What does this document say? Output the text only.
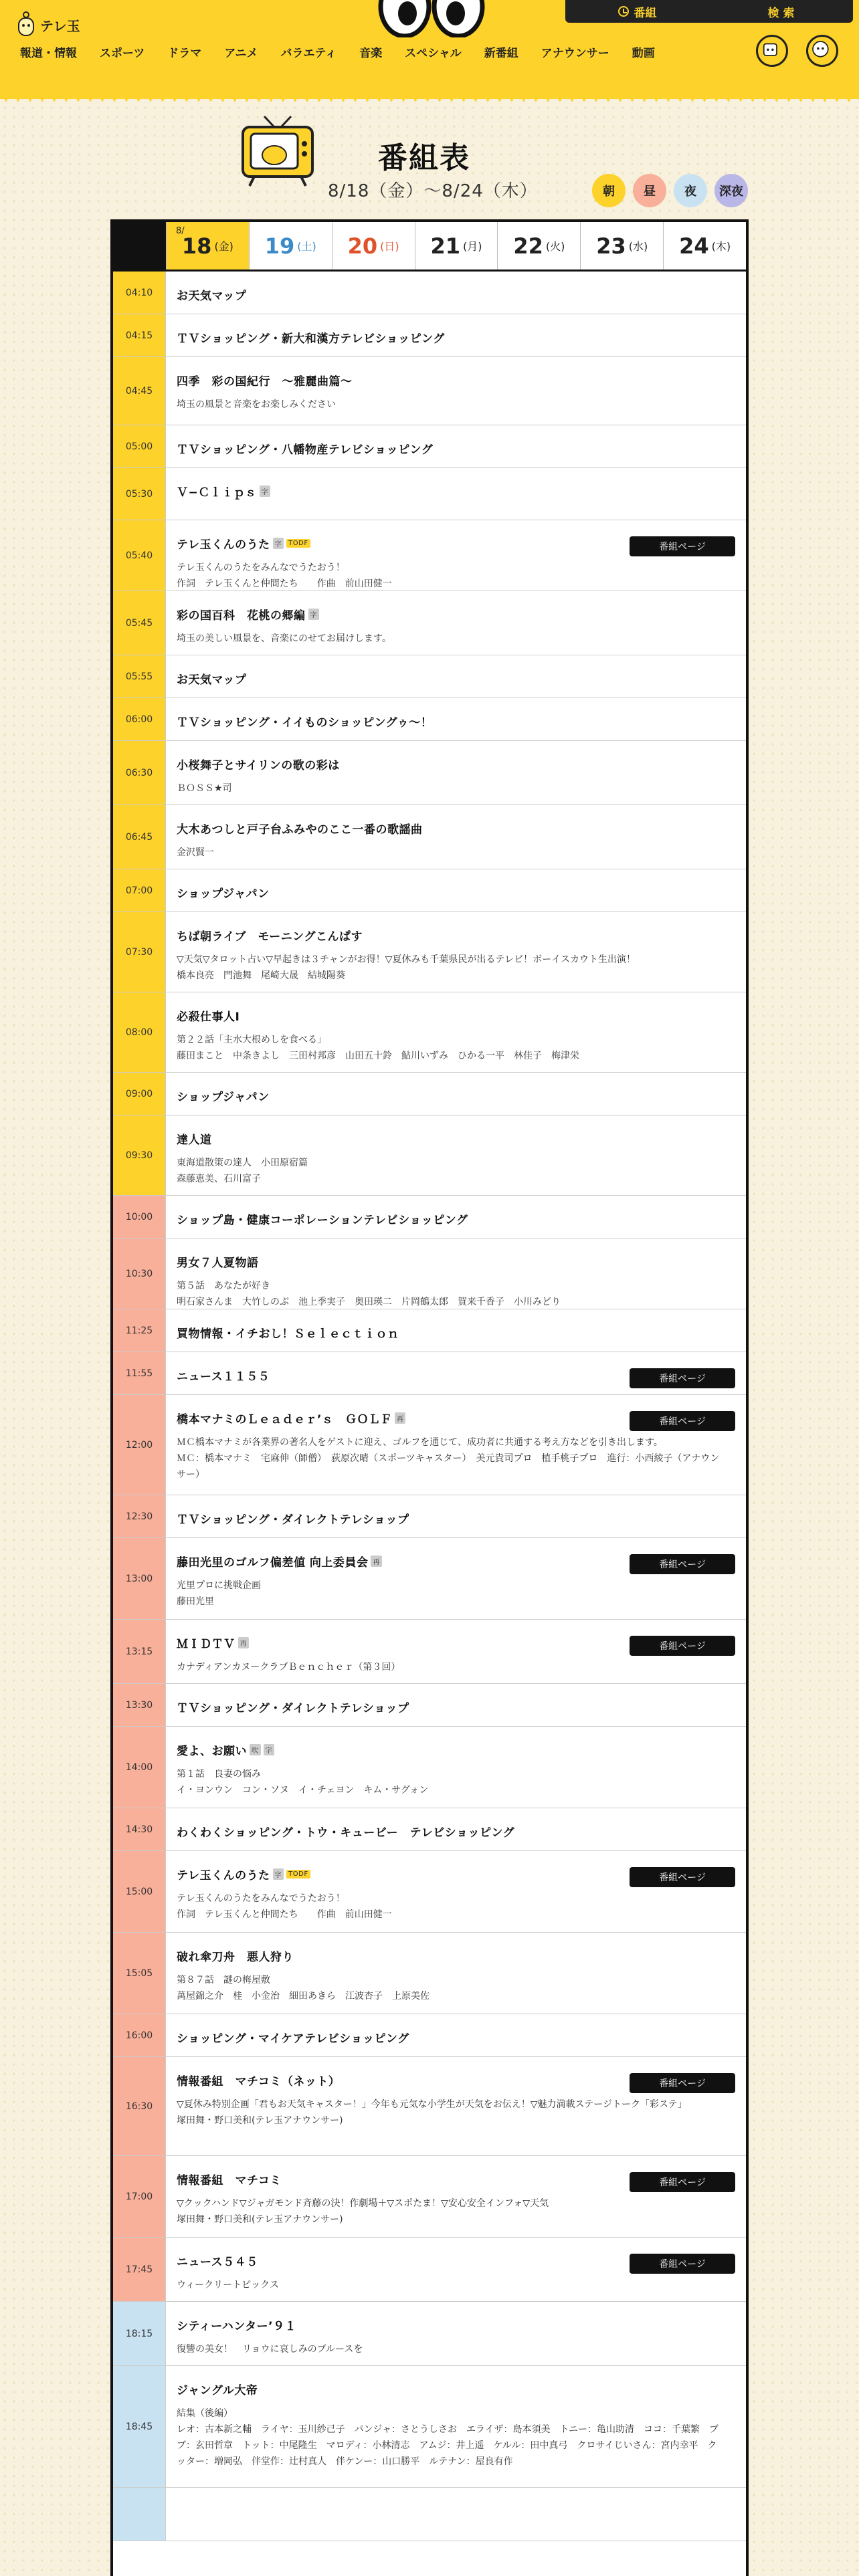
テレ玉
番組	検 索
報道・情報	スポーツ	ドラマ	アニメ	バラエティ	音楽	スペシャル	新番組	アナウンサー	動画
番組表
8/18（金）〜8/24（木）	朝	昼	夜	深夜
8/
18 (金) 19 (土) 20 (日) 21 (月) 22 (火) 23 (水) 24 (木)
04:10	お天気マップ
04:15	ＴＶショッピング・新大和漢方テレビショッピング
04:45
四季　彩の国紀行　〜雅麗曲篇〜
埼玉の風景と音楽をお楽しみください
05:00	ＴＶショッピング・八幡物産テレビショッピング
05:30	Ｖ−Ｃｌｉｐｓ 字
05:40
テレ玉くんのうた 字	TODF
テレ玉くんのうたをみんなでうたおう！
作詞　テレ玉くんと仲間たち　　作曲　前山田健一
番組ページ
05:45
彩の国百科　花桃の郷編 字
埼玉の美しい風景を、音楽にのせてお届けします。
05:55	お天気マップ
06:00	ＴＶショッピング・イイものショッピングゥ〜！
06:30
小桜舞子とサイリンの歌の彩は
ＢＯＳＳ★司
06:45
大木あつしと戸子台ふみやのここ一番の歌謡曲
金沢賢一
07:00	ショップジャパン
07:30
ちば朝ライブ　モーニングこんぱす
▽天気▽タロット占い▽早起きは３チャンがお得！▽夏休みも千葉県民が出るテレビ！ボーイスカウト生出演！
橋本良亮　門池舞　尾崎大晟　結城陽葵
08:00
必殺仕事人Ⅰ
第２２話「主水大根めしを食べる」
藤田まこと　中条きよし　三田村邦彦　山田五十鈴　鮎川いずみ　ひかる一平　林佳子　梅津栄
09:00	ショップジャパン
09:30
達人道
東海道散策の達人　小田原宿篇
森藤恵美、石川富子
10:00	ショップ島・健康コーポレーションテレビショッピング
10:30
男女７人夏物語
第５話　あなたが好き
明石家さんま　大竹しのぶ　池上季実子　奥田瑛二　片岡鶴太郎　賀来千香子　小川みどり
11:25	買物情報・イチおし！Ｓｅｌｅｃｔｉｏｎ
11:55	ニュース１１５５	番組ページ
12:00
橋本マナミのＬｅａｄｅｒ’ｓ　ＧＯＬＦ 再
ＭＣ橋本マナミが各業界の著名人をゲストに迎え、ゴルフを通じて、成功者に共通する考え方などを引き出します。
ＭＣ：橋本マナミ　宅麻伸（師僧）　荻原次晴（スポーツキャスター）　美元貴司プロ　植手桃子プロ　進行：小西綾子（アナウンサー）
番組ページ
12:30	ＴＶショッピング・ダイレクトテレショップ
13:00
藤田光里のゴルフ偏差値 向上委員会 再
光里プロに挑戦企画
藤田光里
番組ページ
13:15
ＭＩＤＴＶ 再
カナディアンカヌークラブＢｅｎｃｈｅｒ（第３回）
番組ページ
13:30	ＴＶショッピング・ダイレクトテレショップ
14:00
愛よ、お願い 吹	字
第１話　良妻の悩み
イ・ヨンウン　コン・ソヌ　イ・チェヨン　キム・サグォン
14:30	わくわくショッピング・トウ・キュービー　テレビショッピング
15:00
テレ玉くんのうた 字	TODF
テレ玉くんのうたをみんなでうたおう！
作詞　テレ玉くんと仲間たち　　作曲　前山田健一
番組ページ
15:05
破れ傘刀舟　悪人狩り
第８７話　謎の梅屋敷
萬屋錦之介　桂　小金治　細田あきら　江波杏子　上原美佐
16:00	ショッピング・マイケアテレビショッピング
16:30
情報番組　マチコミ（ネット）
▽夏休み特別企画「君もお天気キャスター！」今年も元気な小学生が天気をお伝え！▽魅力満載ステージトーク「彩ステ」
塚田舞・野口美和(テレ玉アナウンサー)
番組ページ
17:00
情報番組　マチコミ
▽クックハンド▽ジャガモンド斉藤の決！作劇場＋▽スポたま！▽安心安全インフォ▽天気
塚田舞・野口美和(テレ玉アナウンサー)
番組ページ
17:45
ニュース５４５
ウィークリートピックス
番組ページ
18:15
シティーハンター’９１
復讐の美女！　リョウに哀しみのブルースを
18:45
ジャングル大帝
結集（後編）
レオ：古本新之輔　ライヤ：玉川紗己子　パンジャ：さとうしさお　エライザ：島本須美　トニー：亀山助清　ココ：千葉繁　ブブ：玄田哲章　トット：中尾隆生　マロディ：小林清志　アムジ：井上遥　ケルル：田中真弓　クロサイじいさん：宮内幸平　クッター：増岡弘　伴堂作：辻村真人　伴ケンー：山口勝平　ルテナン：屋良有作
